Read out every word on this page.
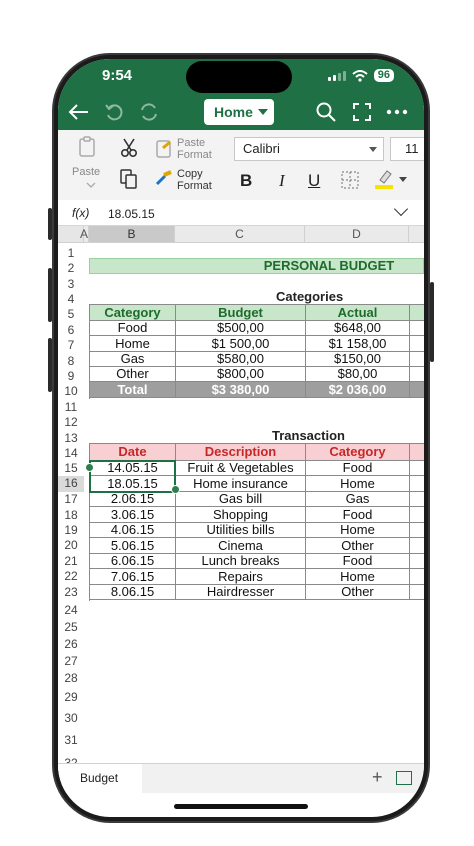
9:54	96
Home
Paste
Paste
Format
Copy
Format
Calibri	11
B I U
f(x) 18.05.15
A	B	C	D
1
2
3
4
5
6
7
8
9
10
11
12
13
14
15
16
17
18
19
20
21
22
23
24
25
26
27
28
29
30
31
PERSONAL BUDGET
Categories
Category	Budget	Actual
Food	$500,00	$648,00
Home	$1 500,00	$1 158,00
Gas	$580,00	$150,00
Other	$800,00	$80,00
Total	$3 380,00	$2 036,00
Transaction
Date	Description	Category
14.05.15	Fruit & Vegetables	Food
18.05.15	Home insurance	Home
2.06.15	Gas bill	Gas
3.06.15	Shopping	Food
4.06.15	Utilities bills	Home
5.06.15	Cinema	Other
6.06.15	Lunch breaks	Food
7.06.15	Repairs	Home
8.06.15	Hairdresser	Other
Budget	+
